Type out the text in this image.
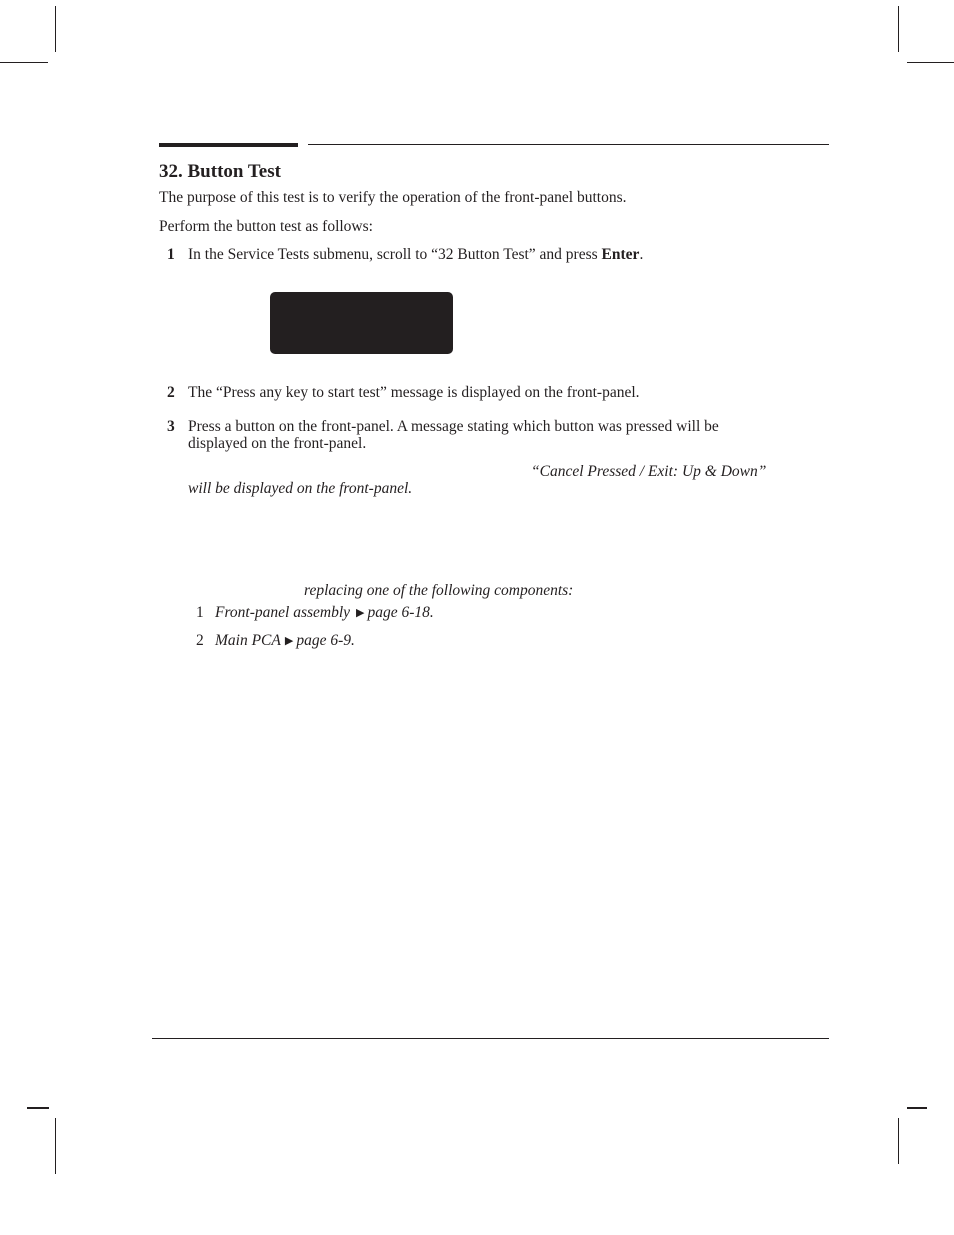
32. Button Test

The purpose of this test is to verify the operation of the front-panel buttons.

Perform the button test as follows:

1 In the Service Tests submenu, scroll to “32 Button Test” and press Enter.

2 The “Press any key to start test” message is displayed on the front-panel.

3 Press a button on the front-panel. A message stating which button was pressed will be

displayed on the front-panel.

“Cancel Pressed / Exit: Up & Down”

will be displayed on the front-panel.

replacing one of the following components:

1 Front-panel assembly ▶ page 6-18.
2 Main PCA ▶ page 6-9.
